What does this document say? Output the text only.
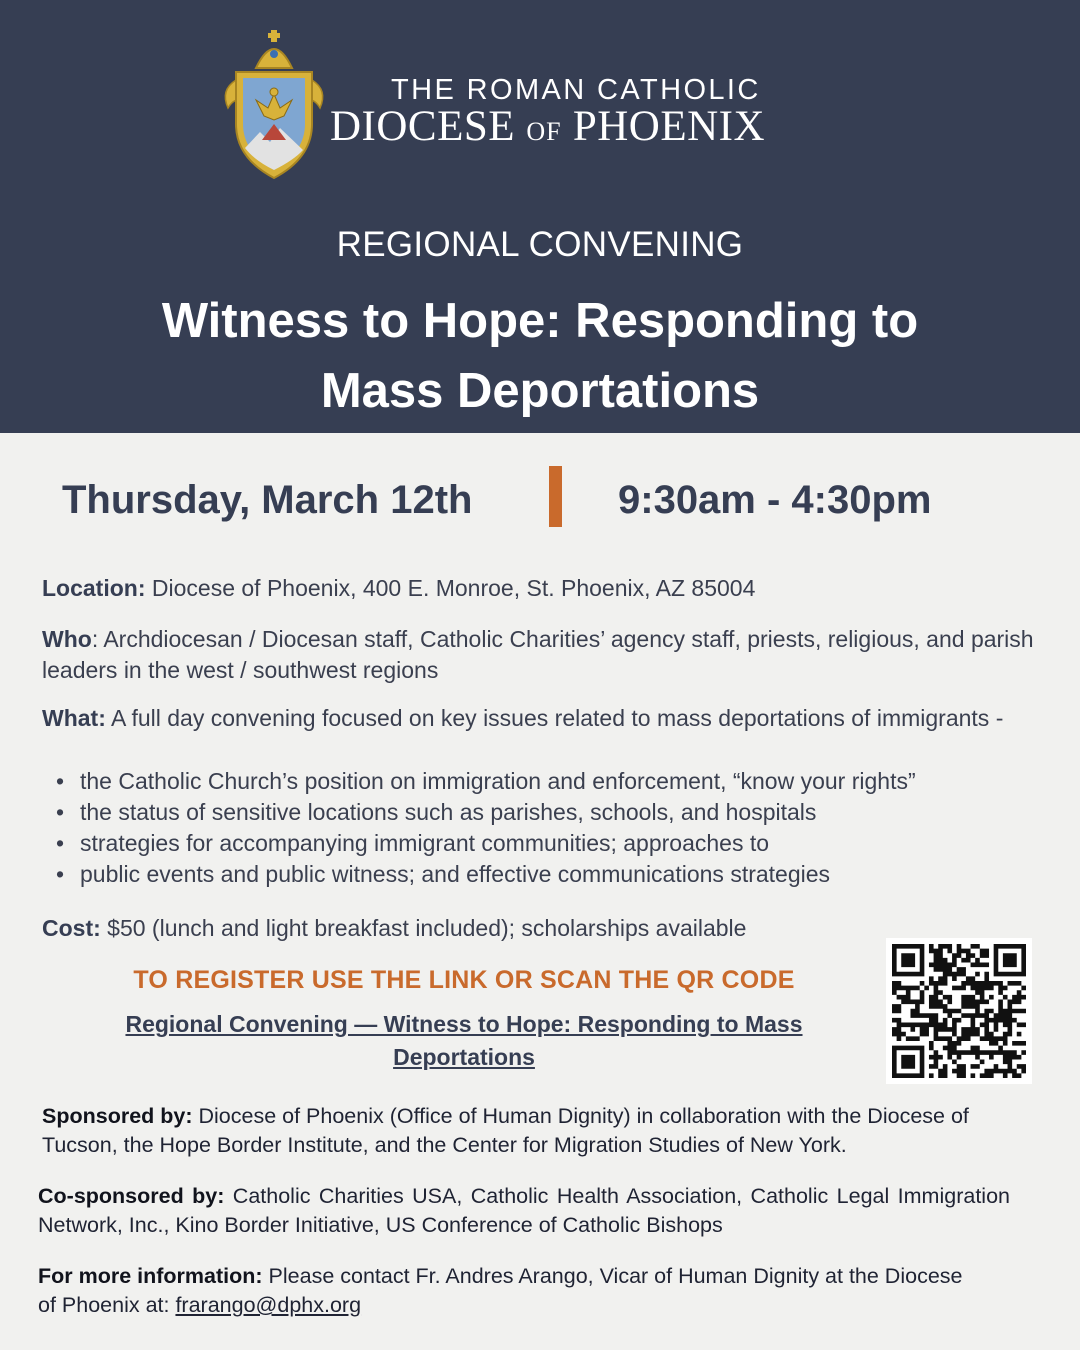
THE ROMAN CATHOLIC
DIOCESE OF PHOENIX
REGIONAL CONVENING
Witness to Hope: Responding to
Mass Deportations
Thursday, March 12th	9:30am - 4:30pm

Location: Diocese of Phoenix, 400 E. Monroe, St. Phoenix, AZ 85004

Who: Archdiocesan / Diocesan staff, Catholic Charities’ agency staff, priests, religious, and parish leaders in the west / southwest regions

What: A full day convening focused on key issues related to mass deportations of immigrants -

• the Catholic Church’s position on immigration and enforcement, “know your rights”
• the status of sensitive locations such as parishes, schools, and hospitals
• strategies for accompanying immigrant communities; approaches to
• public events and public witness; and effective communications strategies

Cost: $50 (lunch and light breakfast included); scholarships available

TO REGISTER USE THE LINK OR SCAN THE QR CODE
Regional Convening — Witness to Hope: Responding to Mass Deportations

Sponsored by: Diocese of Phoenix (Office of Human Dignity) in collaboration with the Diocese of Tucson, the Hope Border Institute, and the Center for Migration Studies of New York.

Co-sponsored by: Catholic Charities USA, Catholic Health Association, Catholic Legal Immigration Network, Inc., Kino Border Initiative, US Conference of Catholic Bishops

For more information: Please contact Fr. Andres Arango, Vicar of Human Dignity at the Diocese of Phoenix at: frarango@dphx.org
